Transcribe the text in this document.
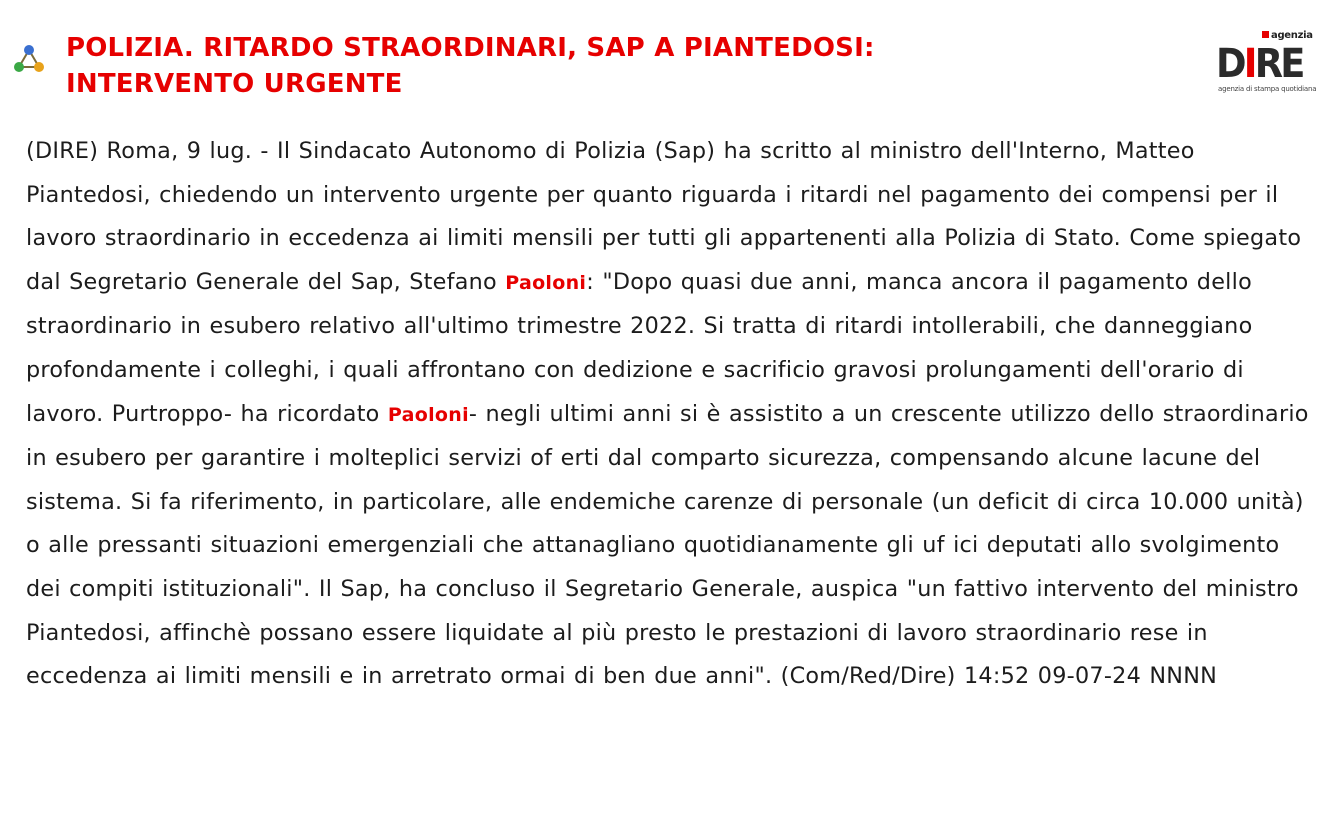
POLIZIA. RITARDO STRAORDINARI, SAP A PIANTEDOSI:
INTERVENTO URGENTE
agenzia
DIRE
agenzia di stampa quotidiana

(DIRE) Roma, 9 lug. - Il Sindacato Autonomo di Polizia (Sap) ha scritto al ministro dell'Interno, Matteo Piantedosi, chiedendo un intervento urgente per quanto riguarda i ritardi nel pagamento dei compensi per il lavoro straordinario in eccedenza ai limiti mensili per tutti gli appartenenti alla Polizia di Stato. Come spiegato dal Segretario Generale del Sap, Stefano Paoloni: "Dopo quasi due anni, manca ancora il pagamento dello straordinario in esubero relativo all'ultimo trimestre 2022. Si tratta di ritardi intollerabili, che danneggiano profondamente i colleghi, i quali affrontano con dedizione e sacrificio gravosi prolungamenti dell'orario di lavoro. Purtroppo- ha ricordato Paoloni- negli ultimi anni si è assistito a un crescente utilizzo dello straordinario in esubero per garantire i molteplici servizi of erti dal comparto sicurezza, compensando alcune lacune del sistema. Si fa riferimento, in particolare, alle endemiche carenze di personale (un deficit di circa 10.000 unità) o alle pressanti situazioni emergenziali che attanagliano quotidianamente gli uf ici deputati allo svolgimento dei compiti istituzionali". Il Sap, ha concluso il Segretario Generale, auspica "un fattivo intervento del ministro Piantedosi, affinchè possano essere liquidate al più presto le prestazioni di lavoro straordinario rese in eccedenza ai limiti mensili e in arretrato ormai di ben due anni". (Com/Red/Dire) 14:52 09-07-24 NNNN
